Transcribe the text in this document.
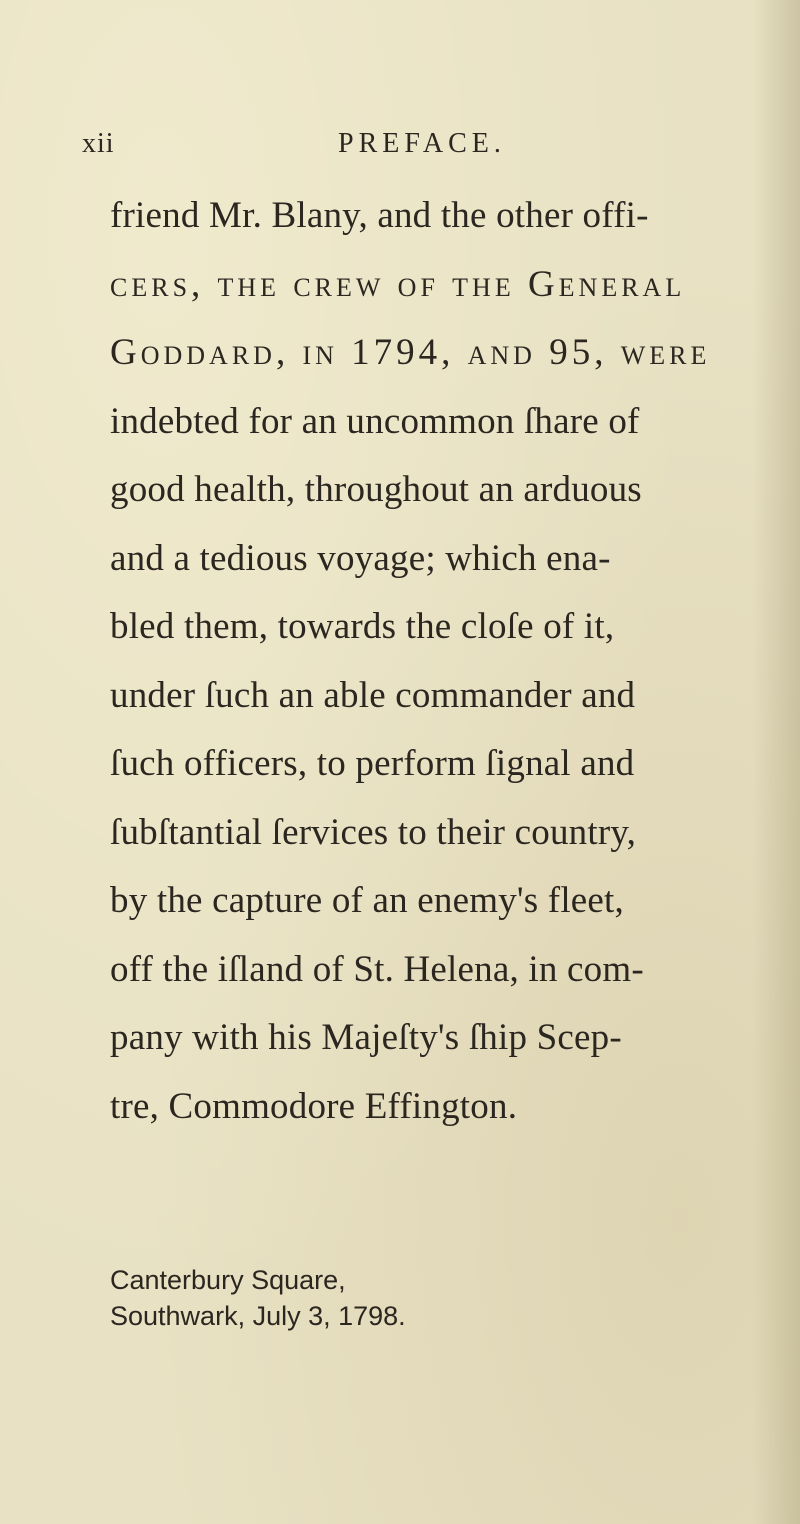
xii	PREFACE.
friend Mr. Blany, and the other offi-
cers, the crew of the General
Goddard, in 1794, and 95, were
indebted for an uncommon ſhare of
good health, throughout an arduous
and a tedious voyage; which ena-
bled them, towards the cloſe of it,
under ſuch an able commander and
ſuch officers, to perform ſignal and
ſubſtantial ſervices to their country,
by the capture of an enemy's fleet,
off the iſland of St. Helena, in com-
pany with his Majeſty's ſhip Scep-
tre, Commodore Effington.
Canterbury Square,
Southwark, July 3, 1798.
